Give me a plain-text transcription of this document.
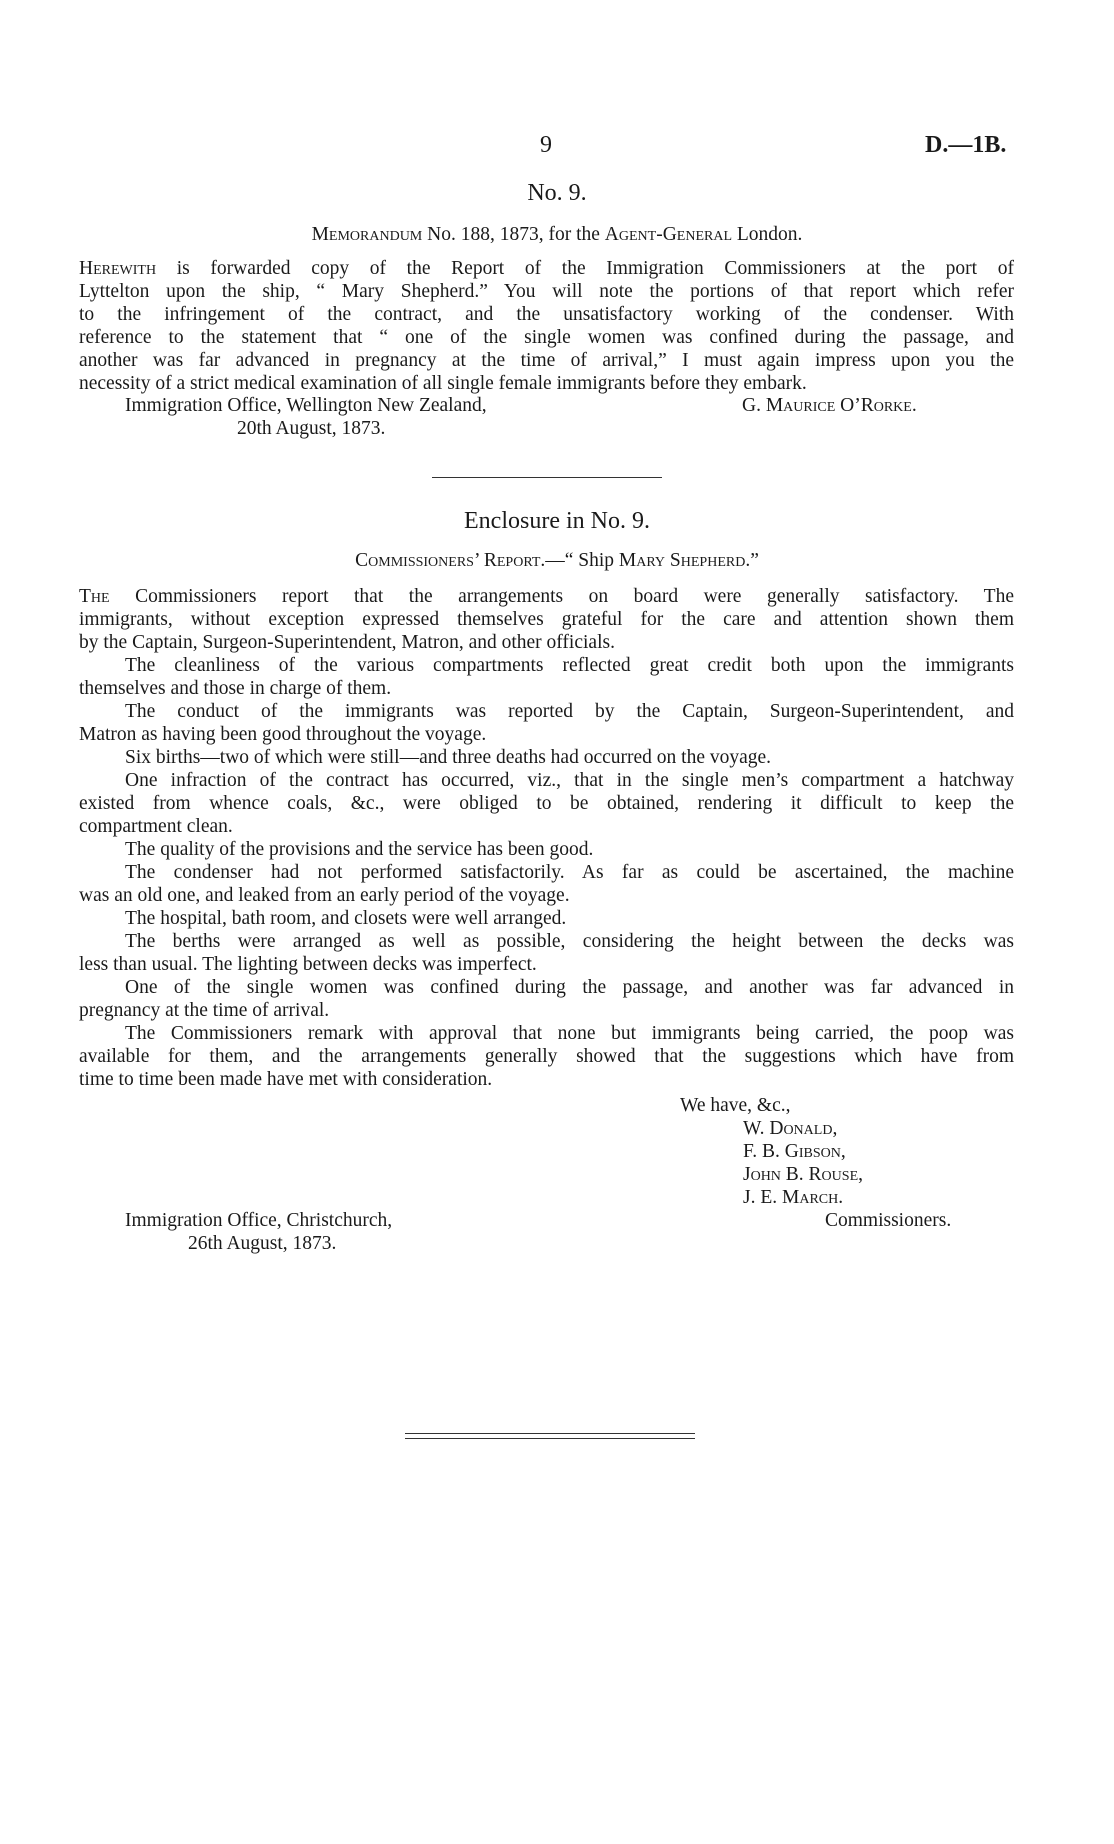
9	D.—1B.
No. 9.
Memorandum No. 188, 1873, for the Agent-General London.
Herewith is forwarded copy of the Report of the Immigration Commissioners at the port of
Lyttelton upon the ship, “ Mary Shepherd.” You will note the portions of that report which refer
to the infringement of the contract, and the unsatisfactory working of the condenser. With
reference to the statement that “ one of the single women was confined during the passage, and
another was far advanced in pregnancy at the time of arrival,” I must again impress upon you the
necessity of a strict medical examination of all single female immigrants before they embark.
Immigration Office, Wellington New Zealand,	G. Maurice O’Rorke.
20th August, 1873.
Enclosure in No. 9.
Commissioners’ Report.—“ Ship Mary Shepherd.”
The Commissioners report that the arrangements on board were generally satisfactory. The
immigrants, without exception expressed themselves grateful for the care and attention shown them
by the Captain, Surgeon-Superintendent, Matron, and other officials.
The cleanliness of the various compartments reflected great credit both upon the immigrants
themselves and those in charge of them.
The conduct of the immigrants was reported by the Captain, Surgeon-Superintendent, and
Matron as having been good throughout the voyage.
Six births—two of which were still—and three deaths had occurred on the voyage.
One infraction of the contract has occurred, viz., that in the single men’s compartment a hatchway
existed from whence coals, &c., were obliged to be obtained, rendering it difficult to keep the
compartment clean.
The quality of the provisions and the service has been good.
The condenser had not performed satisfactorily. As far as could be ascertained, the machine
was an old one, and leaked from an early period of the voyage.
The hospital, bath room, and closets were well arranged.
The berths were arranged as well as possible, considering the height between the decks was
less than usual. The lighting between decks was imperfect.
One of the single women was confined during the passage, and another was far advanced in
pregnancy at the time of arrival.
The Commissioners remark with approval that none but immigrants being carried, the poop was
available for them, and the arrangements generally showed that the suggestions which have from
time to time been made have met with consideration.
We have, &c.,
W. Donald,
F. B. Gibson,
John B. Rouse,
J. E. March.
Immigration Office, Christchurch,	Commissioners.
26th August, 1873.
